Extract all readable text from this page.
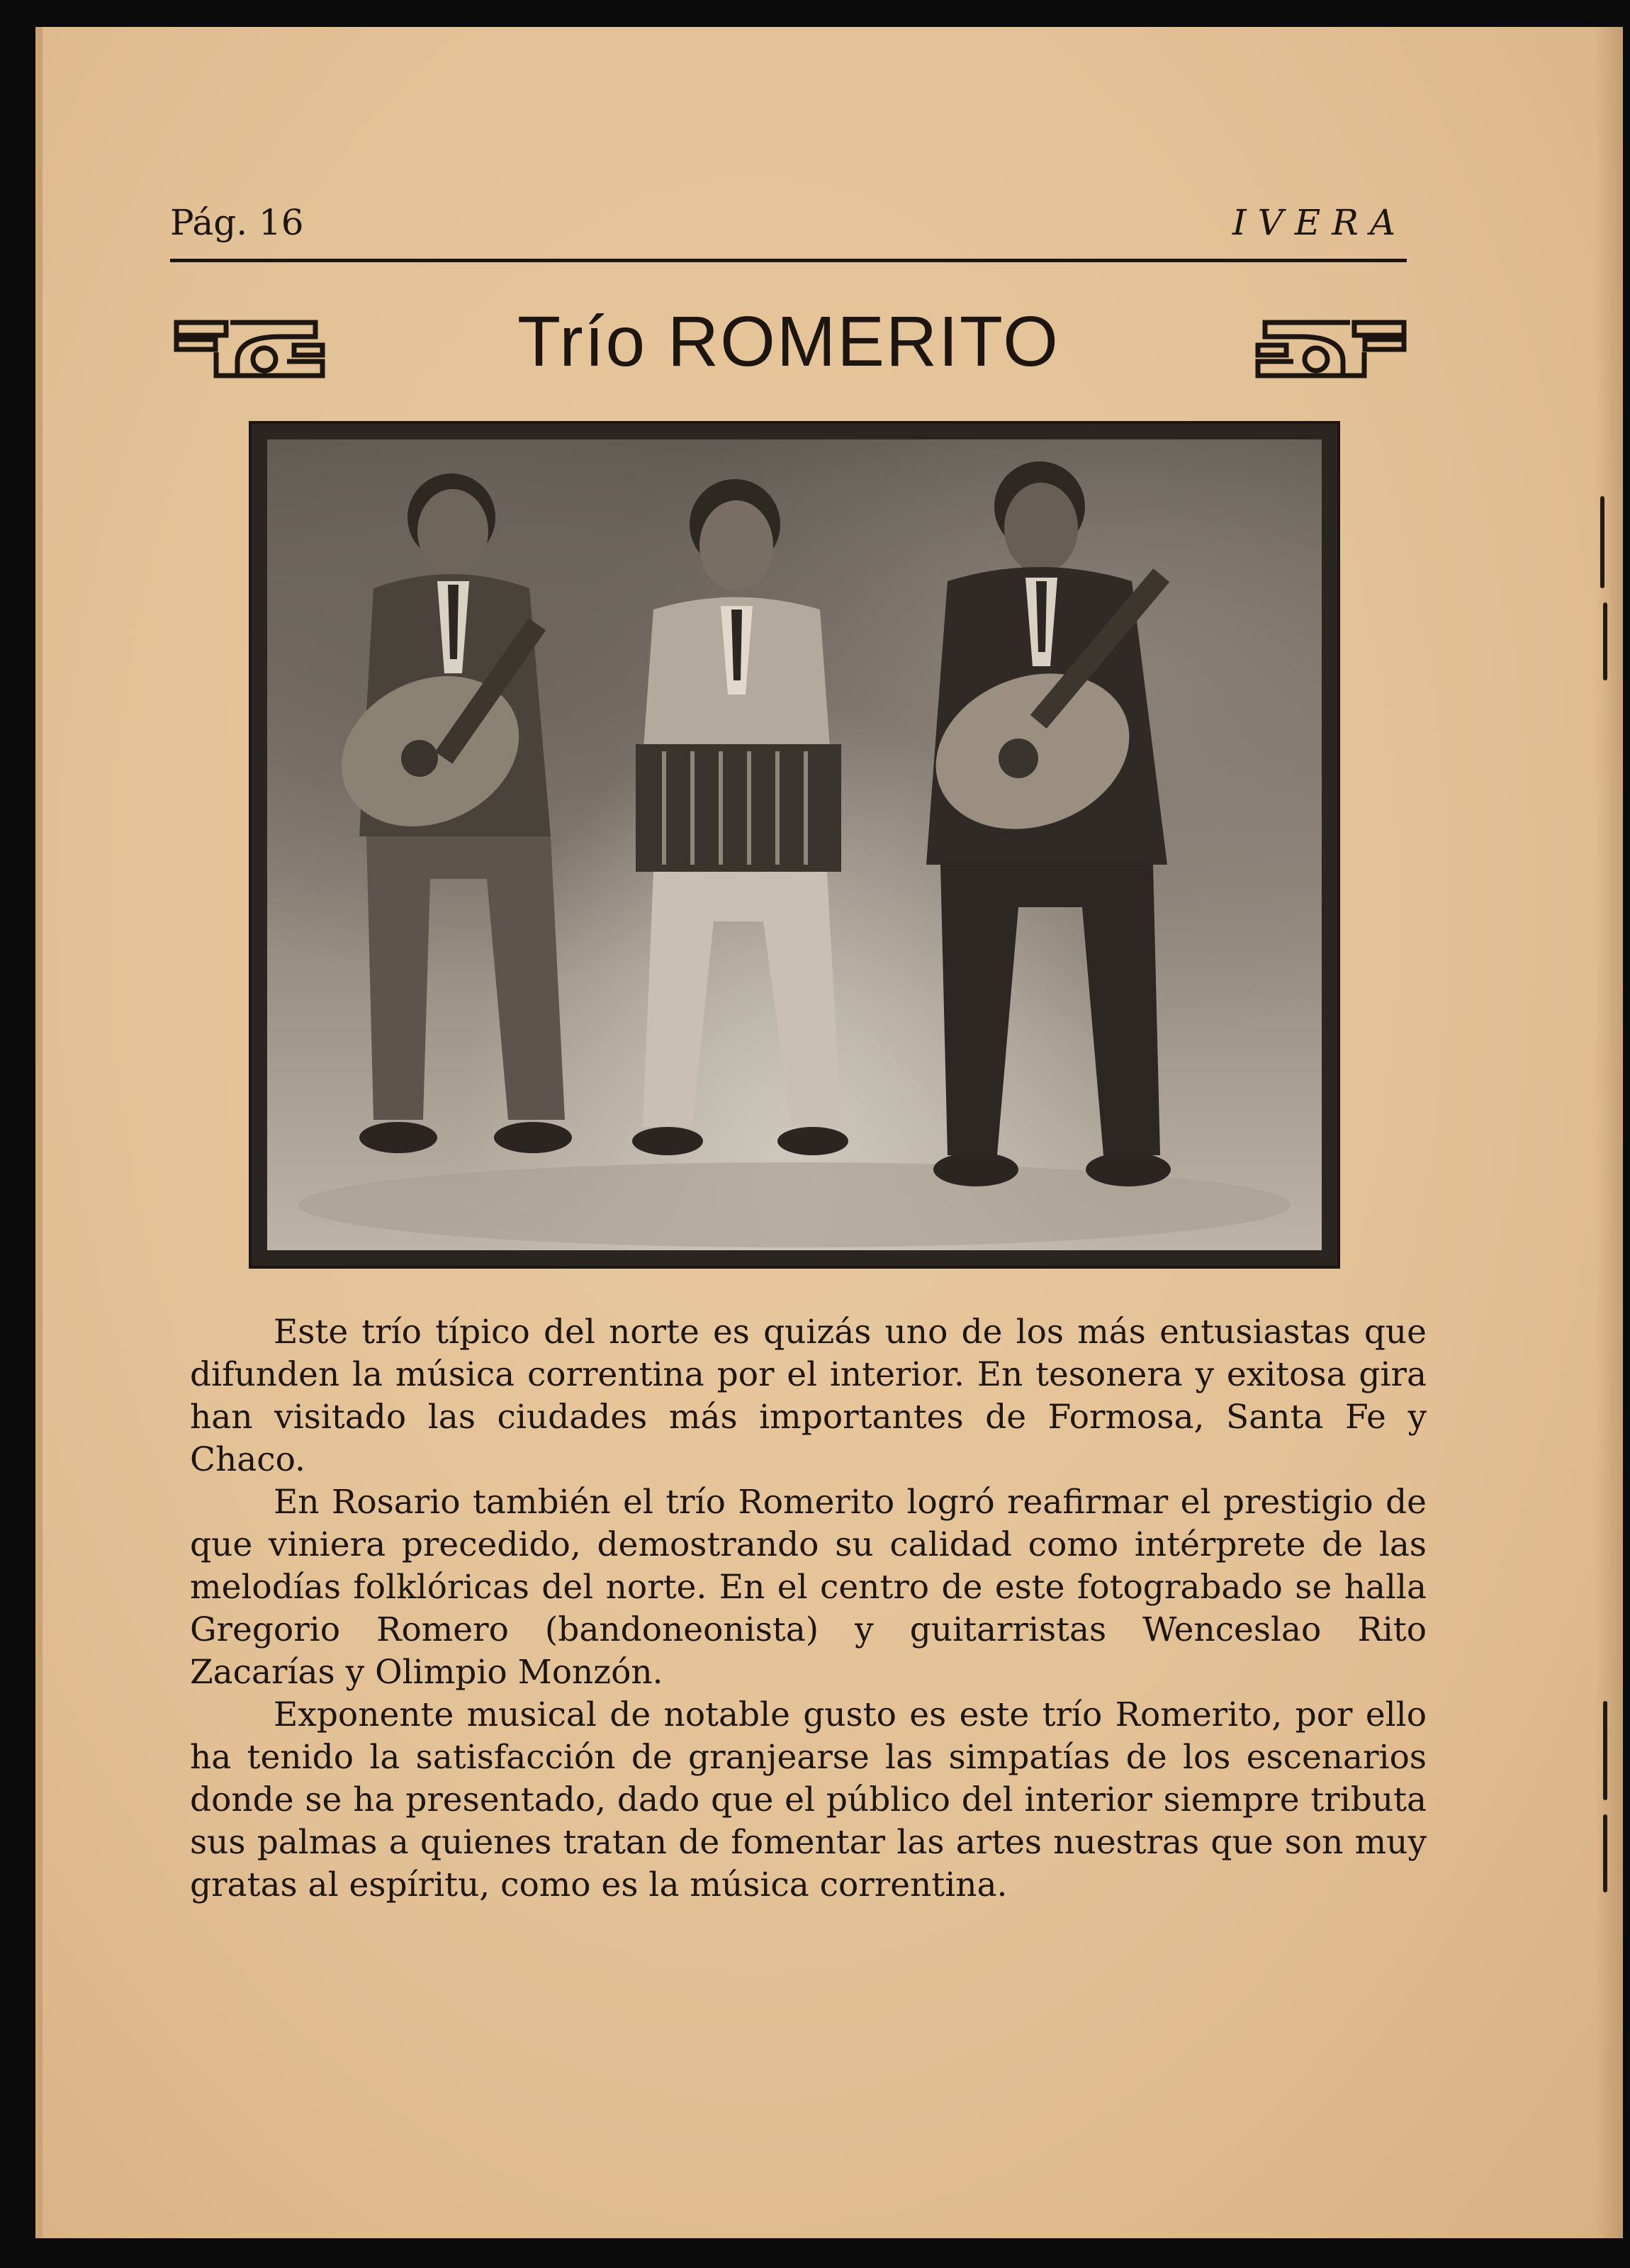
Pág. 16	IVERA
Trío ROMERITO

Este trío típico del norte es quizás uno de los más entusiastas que difunden la música correntina por el interior. En tesonera y exitosa gira han visitado las ciudades más importantes de Formosa, Santa Fe y Chaco.

En Rosario también el trío Romerito logró reafirmar el prestigio de que viniera precedido, demostrando su calidad como intérprete de las melodías folklóricas del norte. En el centro de este fotograbado se halla Gregorio Romero (bandoneonista) y guitarristas Wenceslao Rito Zacarías y Olimpio Monzón.

Exponente musical de notable gusto es este trío Romerito, por ello ha tenido la satisfacción de granjearse las simpatías de los escenarios donde se ha presentado, dado que el público del interior siempre tributa sus palmas a quienes tratan de fomentar las artes nuestras que son muy gratas al espíritu, como es la música correntina.
